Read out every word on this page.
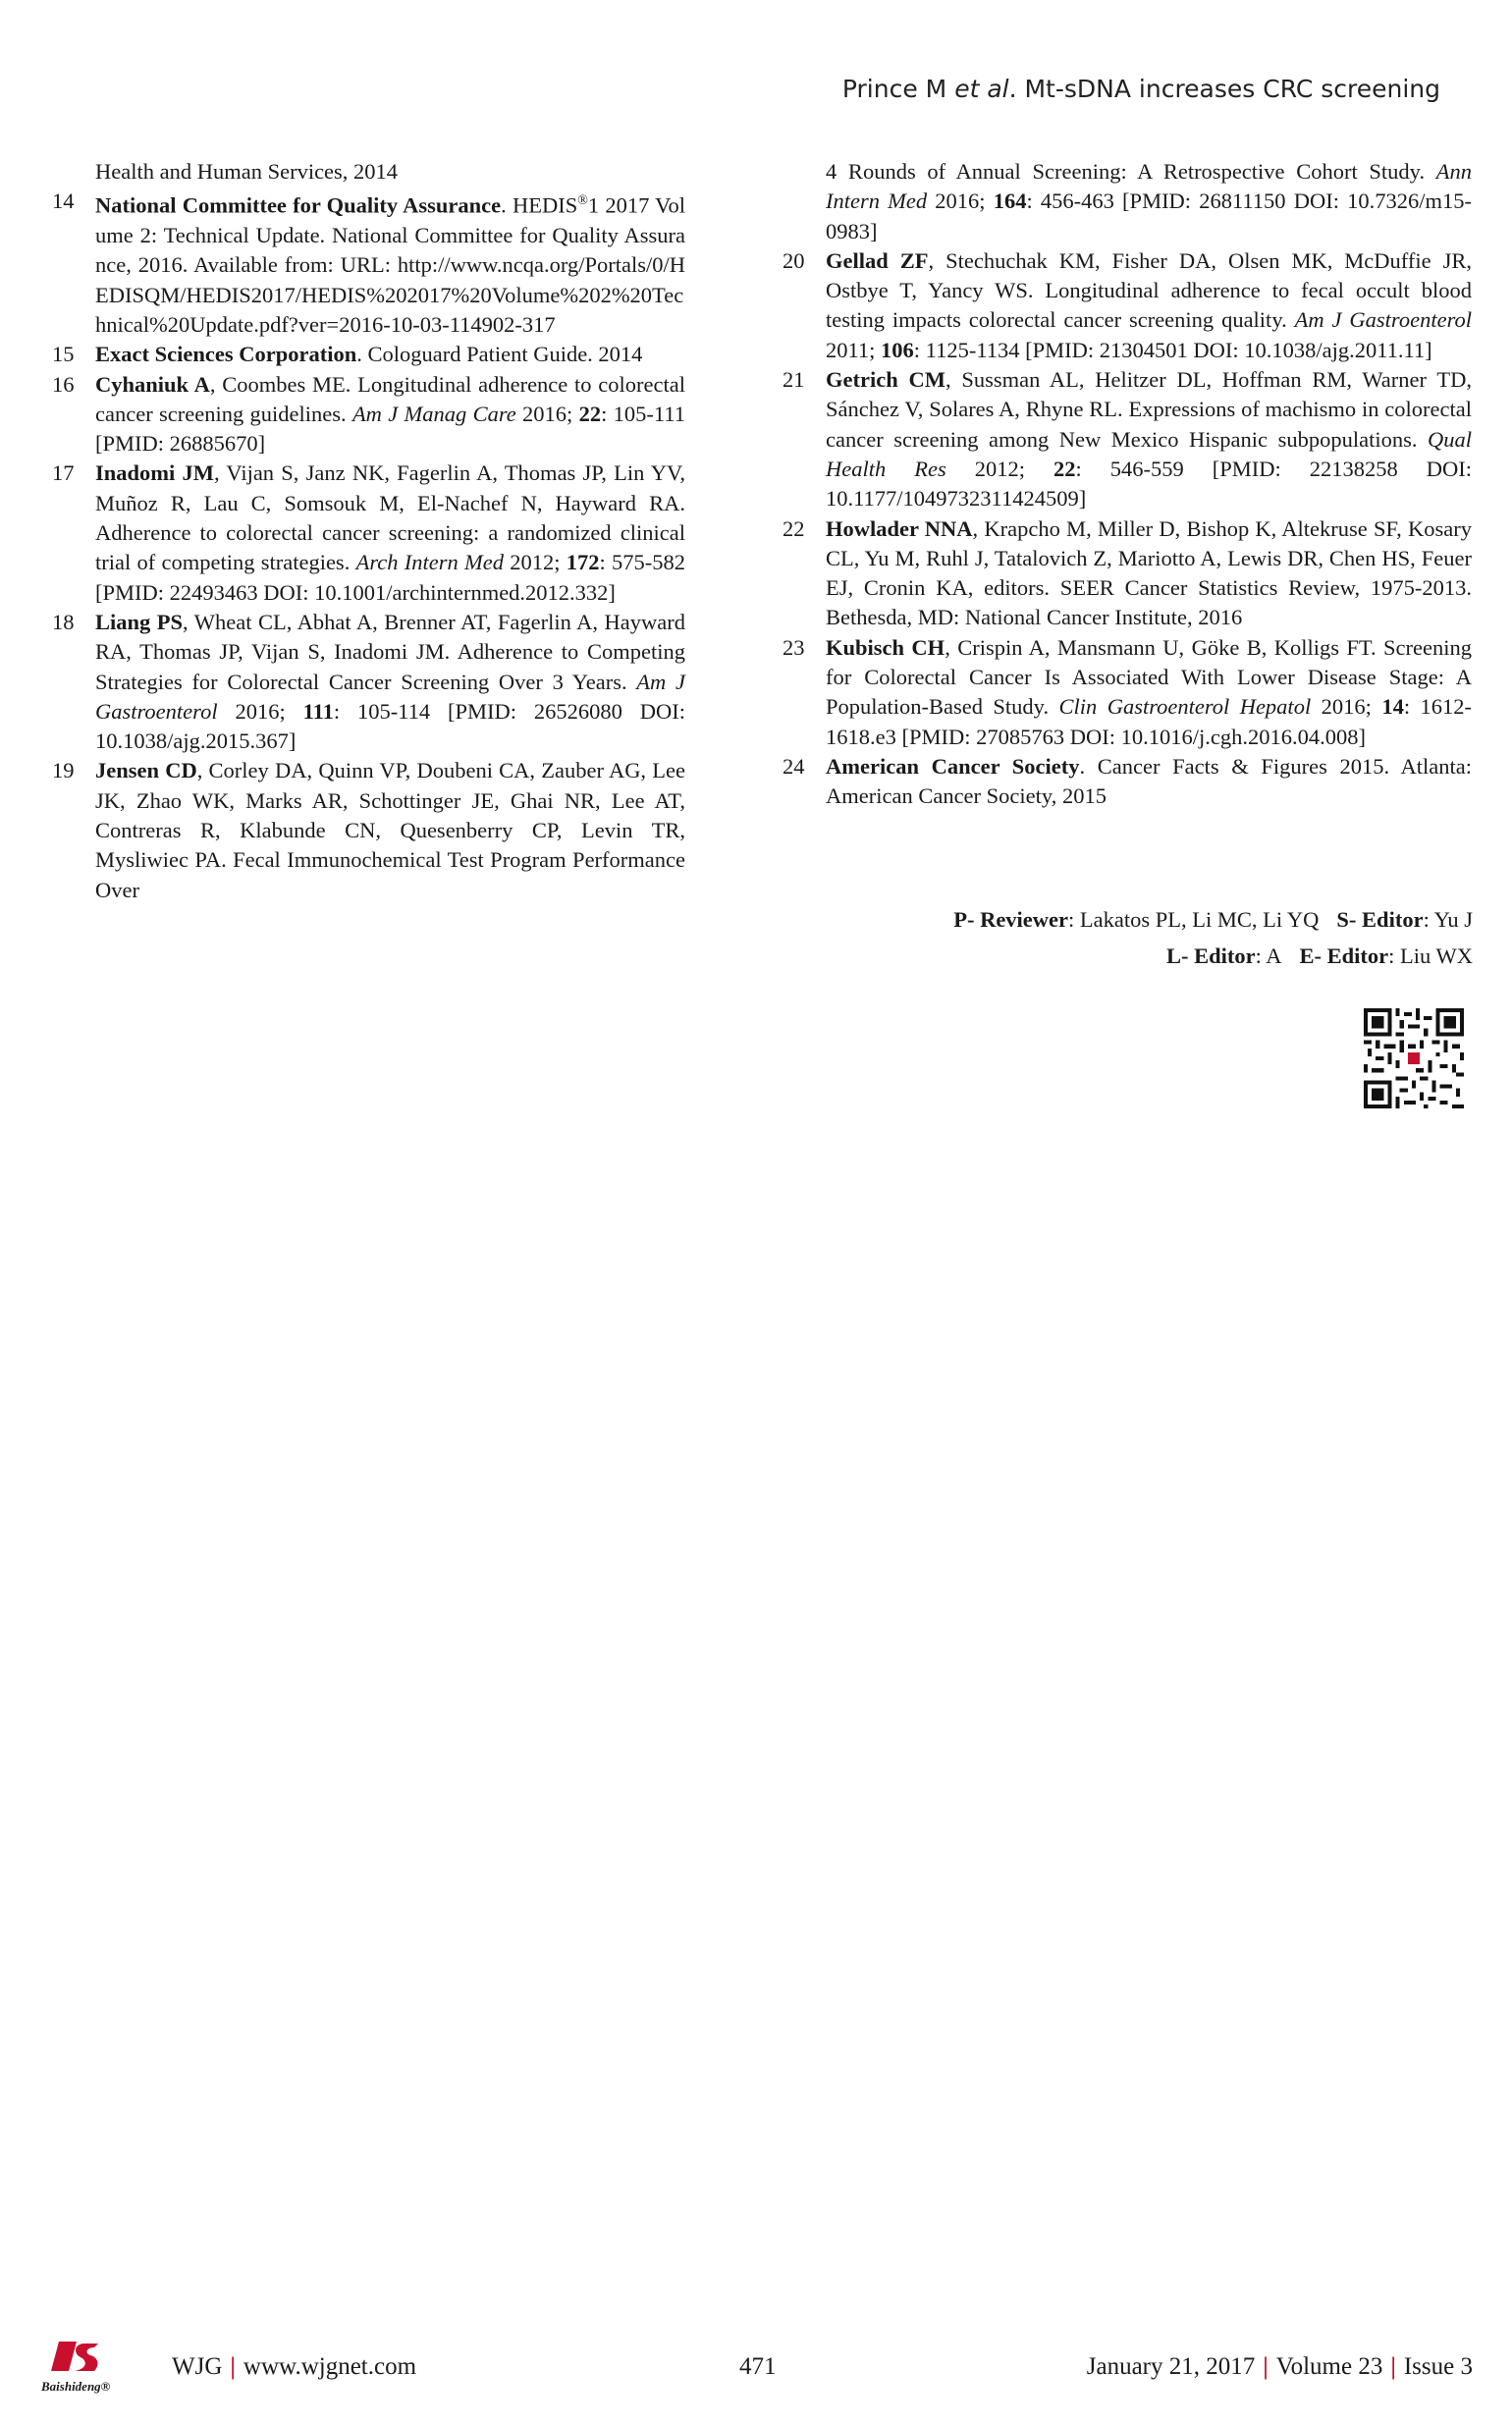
Prince M et al. Mt-sDNA increases CRC screening
Health and Human Services, 2014
14 National Committee for Quality Assurance. HEDIS®1 2017 Volume 2: Technical Update. National Committee for Quality Assurance, 2016. Available from: URL: http://www.ncqa.org/Portals/0/HEDISQM/HEDIS2017/HEDIS%202017%20Volume%202%20Technical%20Update.pdf?ver=2016-10-03-114902-317
15 Exact Sciences Corporation. Cologuard Patient Guide. 2014
16 Cyhaniuk A, Coombes ME. Longitudinal adherence to colorectal cancer screening guidelines. Am J Manag Care 2016; 22: 105-111 [PMID: 26885670]
17 Inadomi JM, Vijan S, Janz NK, Fagerlin A, Thomas JP, Lin YV, Muñoz R, Lau C, Somsouk M, El-Nachef N, Hayward RA. Adherence to colorectal cancer screening: a randomized clinical trial of competing strategies. Arch Intern Med 2012; 172: 575-582 [PMID: 22493463 DOI: 10.1001/archinternmed.2012.332]
18 Liang PS, Wheat CL, Abhat A, Brenner AT, Fagerlin A, Hayward RA, Thomas JP, Vijan S, Inadomi JM. Adherence to Competing Strategies for Colorectal Cancer Screening Over 3 Years. Am J Gastroenterol 2016; 111: 105-114 [PMID: 26526080 DOI: 10.1038/ajg.2015.367]
19 Jensen CD, Corley DA, Quinn VP, Doubeni CA, Zauber AG, Lee JK, Zhao WK, Marks AR, Schottinger JE, Ghai NR, Lee AT, Contreras R, Klabunde CN, Quesenberry CP, Levin TR, Mysliwiec PA. Fecal Immunochemical Test Program Performance Over
4 Rounds of Annual Screening: A Retrospective Cohort Study. Ann Intern Med 2016; 164: 456-463 [PMID: 26811150 DOI: 10.7326/m15-0983]
20 Gellad ZF, Stechuchak KM, Fisher DA, Olsen MK, McDuffie JR, Ostbye T, Yancy WS. Longitudinal adherence to fecal occult blood testing impacts colorectal cancer screening quality. Am J Gastroenterol 2011; 106: 1125-1134 [PMID: 21304501 DOI: 10.1038/ajg.2011.11]
21 Getrich CM, Sussman AL, Helitzer DL, Hoffman RM, Warner TD, Sánchez V, Solares A, Rhyne RL. Expressions of machismo in colorectal cancer screening among New Mexico Hispanic subpopulations. Qual Health Res 2012; 22: 546-559 [PMID: 22138258 DOI: 10.1177/1049732311424509]
22 Howlader NNA, Krapcho M, Miller D, Bishop K, Altekruse SF, Kosary CL, Yu M, Ruhl J, Tatalovich Z, Mariotto A, Lewis DR, Chen HS, Feuer EJ, Cronin KA, editors. SEER Cancer Statistics Review, 1975-2013. Bethesda, MD: National Cancer Institute, 2016
23 Kubisch CH, Crispin A, Mansmann U, Göke B, Kolligs FT. Screening for Colorectal Cancer Is Associated With Lower Disease Stage: A Population-Based Study. Clin Gastroenterol Hepatol 2016; 14: 1612-1618.e3 [PMID: 27085763 DOI: 10.1016/j.cgh.2016.04.008]
24 American Cancer Society. Cancer Facts & Figures 2015. Atlanta: American Cancer Society, 2015
P- Reviewer: Lakatos PL, Li MC, Li YQ S- Editor: Yu J
L- Editor: A E- Editor: Liu WX
Baishideng®
WJG | www.wjgnet.com	471	January 21, 2017 | Volume 23 | Issue 3
